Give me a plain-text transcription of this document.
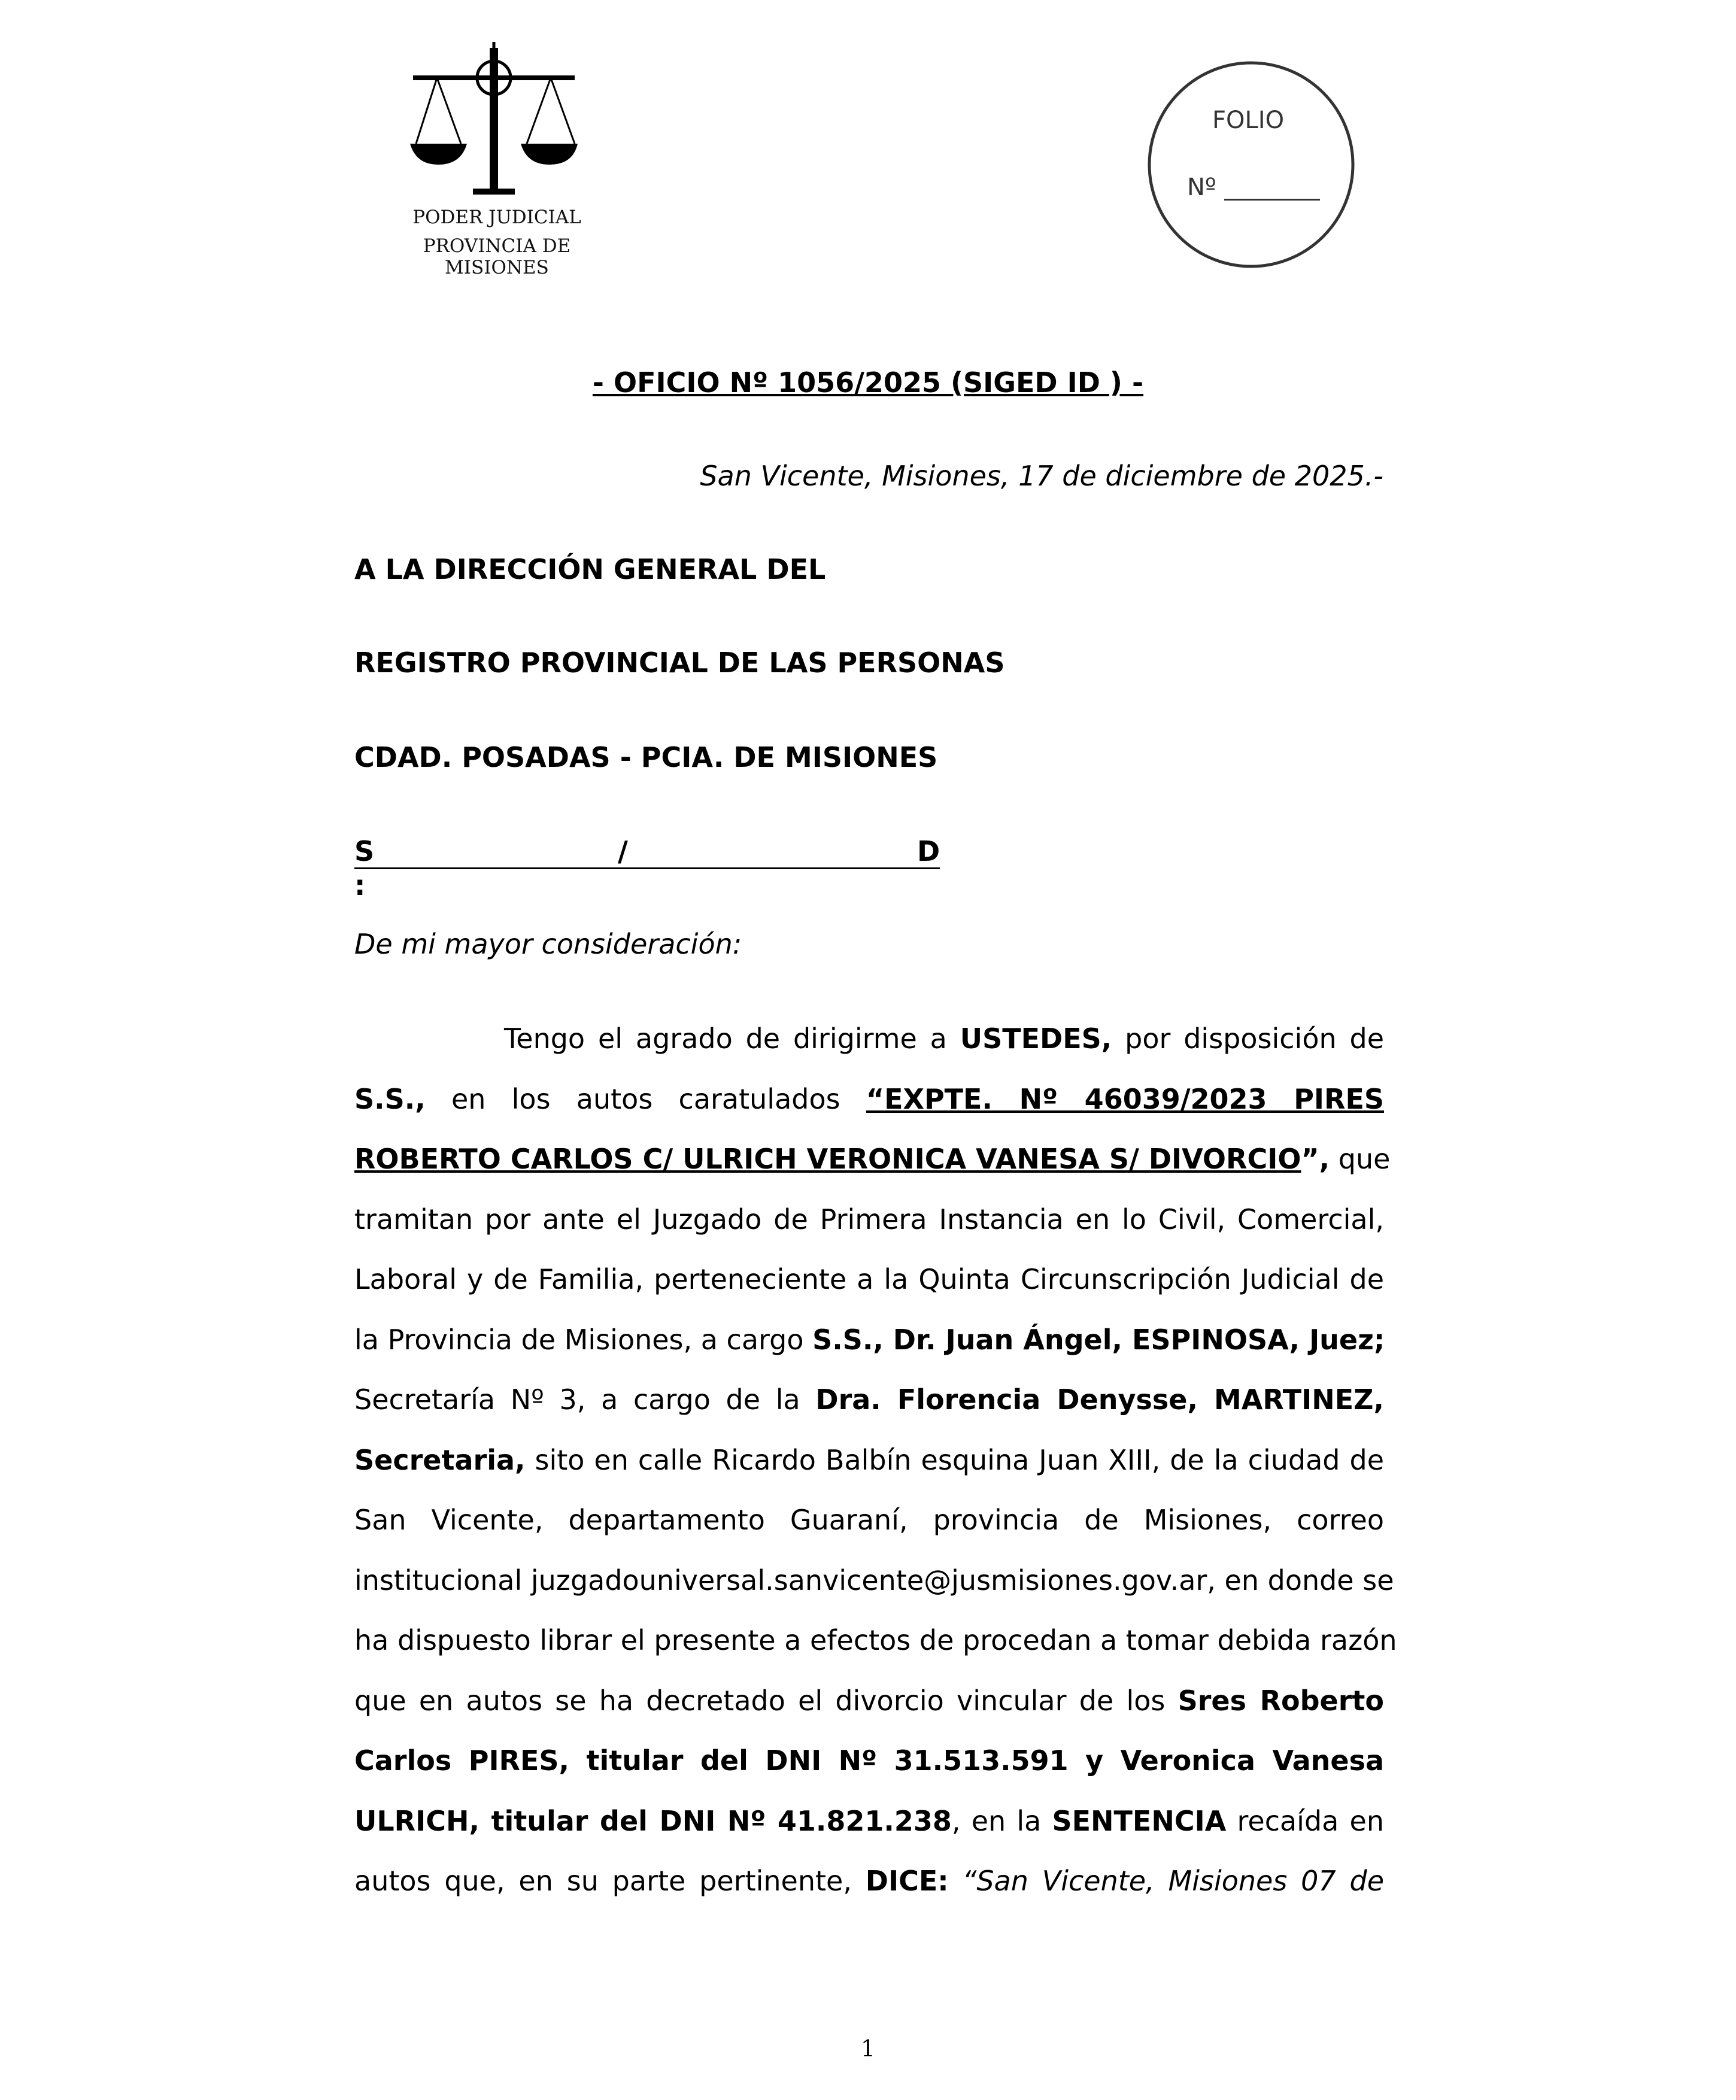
PODER JUDICIAL
PROVINCIA DE MISIONES
FOLIO
Nº
- OFICIO Nº 1056/2025 (SIGED ID ) -
San Vicente, Misiones, 17 de diciembre de 2025.-
A LA DIRECCIÓN GENERAL DEL
REGISTRO PROVINCIAL DE LAS PERSONAS
CDAD. POSADAS - PCIA. DE MISIONES
S	/	D:
De mi mayor consideración:
Tengo el agrado de dirigirme a USTEDES, por disposición de
S.S., en los autos caratulados “EXPTE. Nº 46039/2023 PIRES
ROBERTO CARLOS C/ ULRICH VERONICA VANESA S/ DIVORCIO”, que
tramitan por ante el Juzgado de Primera Instancia en lo Civil, Comercial,
Laboral y de Familia, perteneciente a la Quinta Circunscripción Judicial de
la Provincia de Misiones, a cargo S.S., Dr. Juan Ángel, ESPINOSA, Juez;
Secretaría Nº 3, a cargo de la Dra. Florencia Denysse, MARTINEZ,
Secretaria, sito en calle Ricardo Balbín esquina Juan XIII, de la ciudad de
San Vicente, departamento Guaraní, provincia de Misiones, correo
institucional juzgadouniversal.sanvicente@jusmisiones.gov.ar, en donde se
ha dispuesto librar el presente a efectos de procedan a tomar debida razón
que en autos se ha decretado el divorcio vincular de los Sres Roberto
Carlos PIRES, titular del DNI Nº 31.513.591 y Veronica Vanesa
ULRICH, titular del DNI Nº 41.821.238, en la SENTENCIA recaída en
autos que, en su parte pertinente, DICE: “San Vicente, Misiones 07 de
1
